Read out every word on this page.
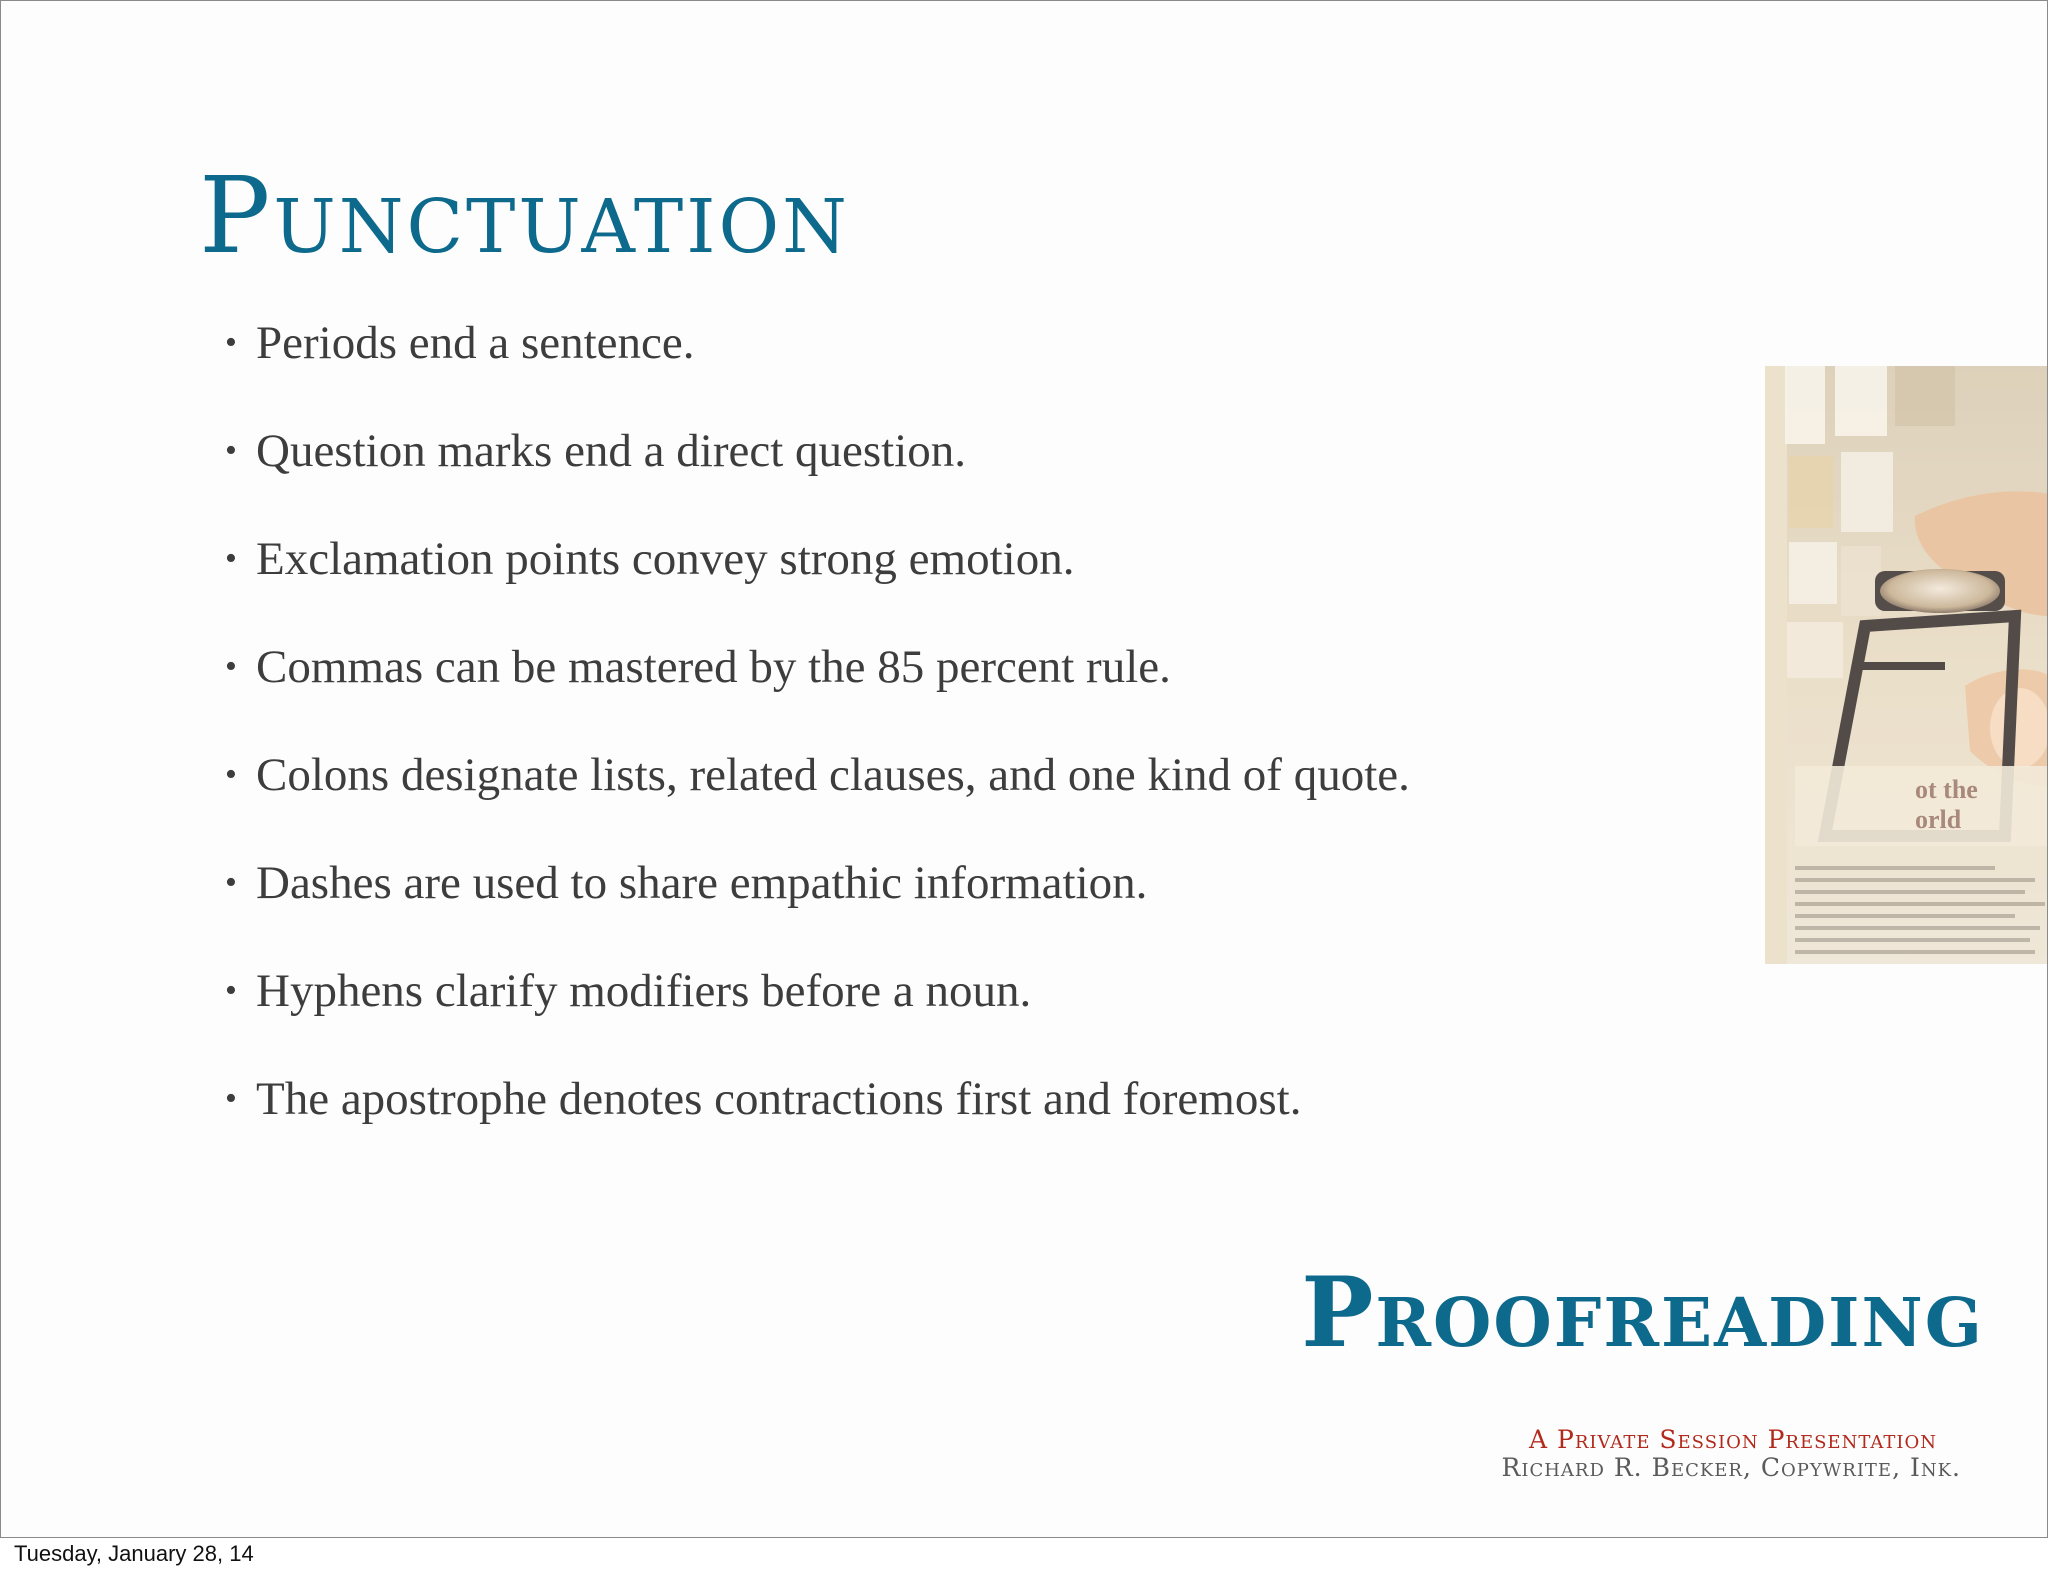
Punctuation
• Periods end a sentence.
• Question marks end a direct question.
• Exclamation points convey strong emotion.
• Commas can be mastered by the 85 percent rule.
• Colons designate lists, related clauses, and one kind of quote.
• Dashes are used to share empathic information.
• Hyphens clarify modifiers before a noun.
• The apostrophe denotes contractions first and foremost.
ot the
orld
Proofreading
A Private Session Presentation
Richard R. Becker, Copywrite, Ink.
Tuesday, January 28, 14
